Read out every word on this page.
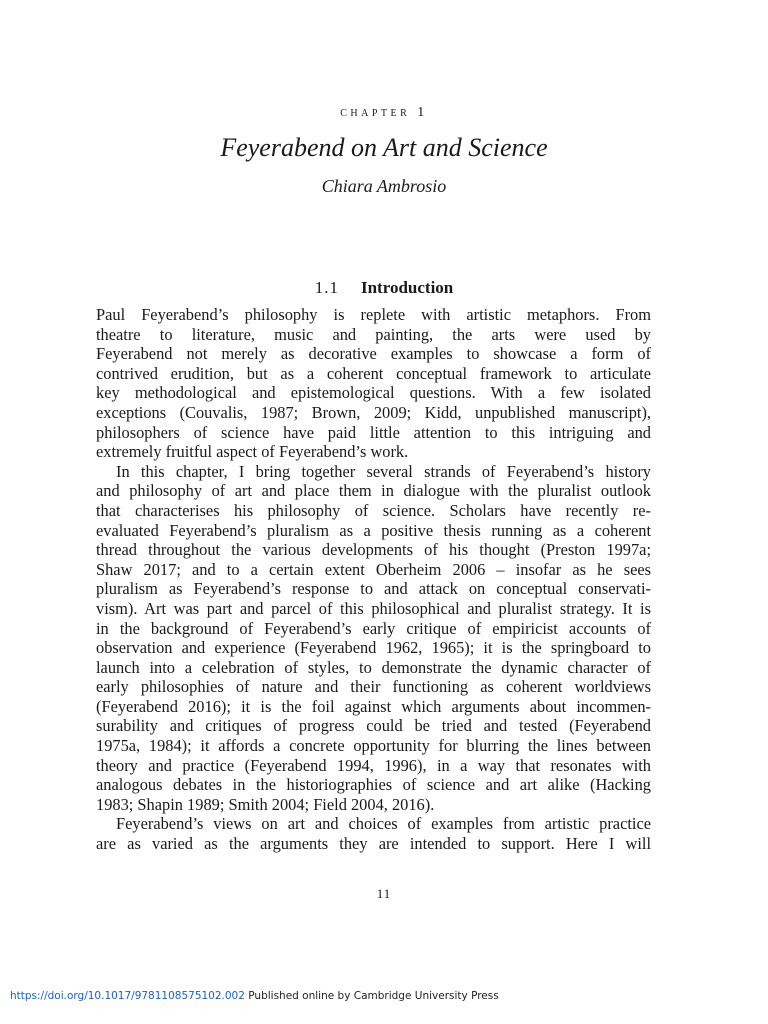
chapter 1
Feyerabend on Art and Science
Chiara Ambrosio
1.1 Introduction
Paul Feyerabend’s philosophy is replete with artistic metaphors. From
theatre to literature, music and painting, the arts were used by
Feyerabend not merely as decorative examples to showcase a form of
contrived erudition, but as a coherent conceptual framework to articulate
key methodological and epistemological questions. With a few isolated
exceptions (Couvalis, 1987; Brown, 2009; Kidd, unpublished manuscript),
philosophers of science have paid little attention to this intriguing and
extremely fruitful aspect of Feyerabend’s work.
In this chapter, I bring together several strands of Feyerabend’s history
and philosophy of art and place them in dialogue with the pluralist outlook
that characterises his philosophy of science. Scholars have recently re-
evaluated Feyerabend’s pluralism as a positive thesis running as a coherent
thread throughout the various developments of his thought (Preston 1997a;
Shaw 2017; and to a certain extent Oberheim 2006 – insofar as he sees
pluralism as Feyerabend’s response to and attack on conceptual conservati-
vism). Art was part and parcel of this philosophical and pluralist strategy. It is
in the background of Feyerabend’s early critique of empiricist accounts of
observation and experience (Feyerabend 1962, 1965); it is the springboard to
launch into a celebration of styles, to demonstrate the dynamic character of
early philosophies of nature and their functioning as coherent worldviews
(Feyerabend 2016); it is the foil against which arguments about incommen-
surability and critiques of progress could be tried and tested (Feyerabend
1975a, 1984); it affords a concrete opportunity for blurring the lines between
theory and practice (Feyerabend 1994, 1996), in a way that resonates with
analogous debates in the historiographies of science and art alike (Hacking
1983; Shapin 1989; Smith 2004; Field 2004, 2016).
Feyerabend’s views on art and choices of examples from artistic practice
are as varied as the arguments they are intended to support. Here I will
11
https://doi.org/10.1017/9781108575102.002 Published online by Cambridge University Press
